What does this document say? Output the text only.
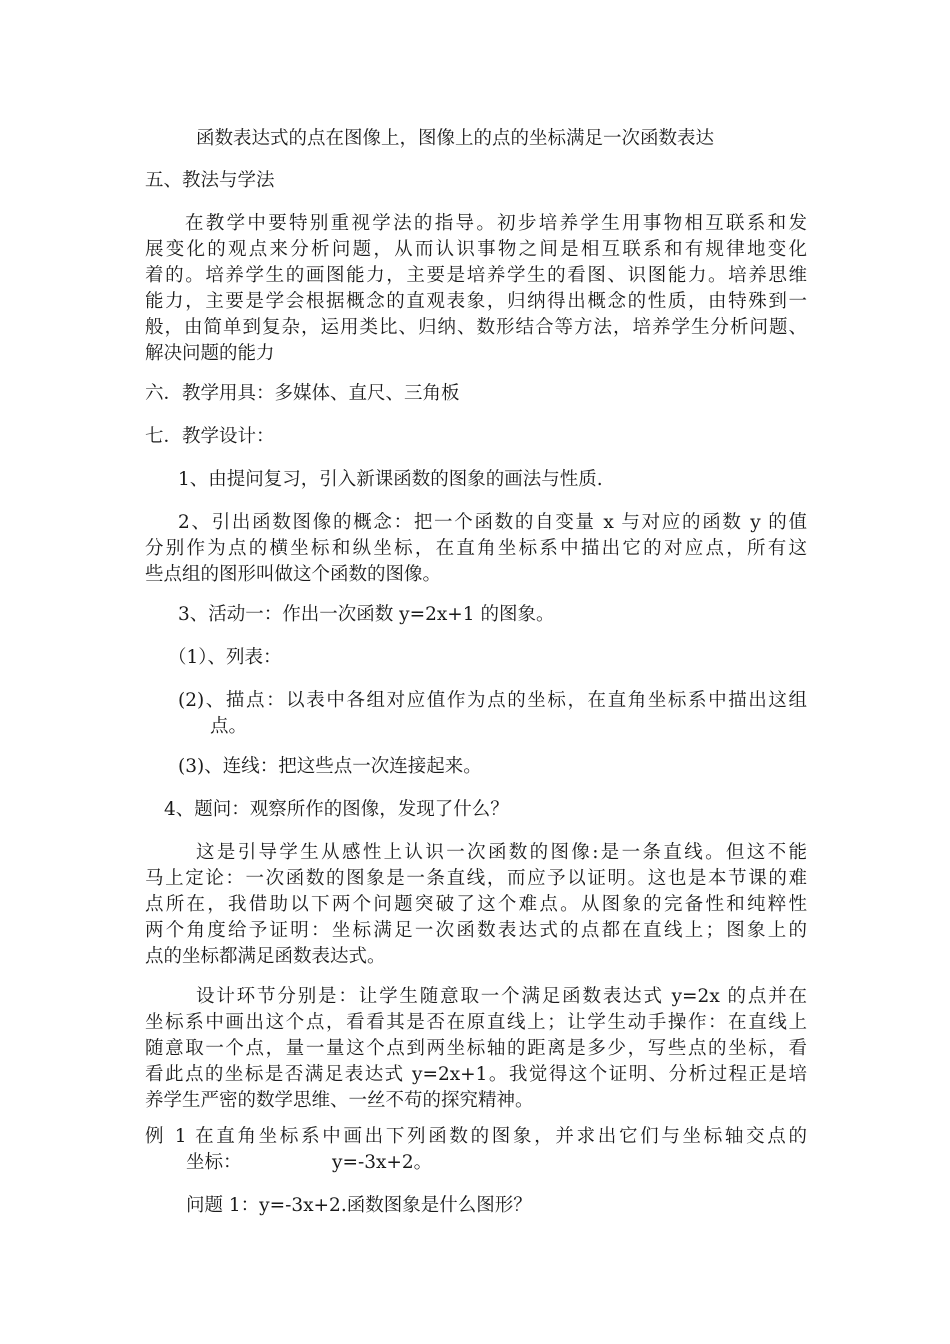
函数表达式的点在图像上，图像上的点的坐标满足一次函数表达
五、教法与学法
在教学中要特别重视学法的指导。初步培养学生用事物相互联系和发
展变化的观点来分析问题，从而认识事物之间是相互联系和有规律地变化
着的。培养学生的画图能力，主要是培养学生的看图、识图能力。培养思维
能力，主要是学会根据概念的直观表象，归纳得出概念的性质，由特殊到一
般，由简单到复杂，运用类比、归纳、数形结合等方法，培养学生分析问题、
解决问题的能力
六．教学用具：多媒体、直尺、三角板
七．教学设计：
1、由提问复习，引入新课函数的图象的画法与性质.
2、引出函数图像的概念：把一个函数的自变量 x 与对应的函数 y 的值
分别作为点的横坐标和纵坐标，在直角坐标系中描出它的对应点，所有这
些点组的图形叫做这个函数的图像。
3、活动一：作出一次函数 y=2x+1 的图象。
（1）、列表：
(2)、描点：以表中各组对应值作为点的坐标，在直角坐标系中描出这组
点。
(3)、连线：把这些点一次连接起来。
4、题问：观察所作的图像，发现了什么？
这是引导学生从感性上认识一次函数的图像:是一条直线。但这不能
马上定论：一次函数的图象是一条直线，而应予以证明。这也是本节课的难
点所在，我借助以下两个问题突破了这个难点。从图象的完备性和纯粹性
两个角度给予证明：坐标满足一次函数表达式的点都在直线上；图象上的
点的坐标都满足函数表达式。
设计环节分别是：让学生随意取一个满足函数表达式 y=2x 的点并在
坐标系中画出这个点，看看其是否在原直线上；让学生动手操作：在直线上
随意取一个点，量一量这个点到两坐标轴的距离是多少，写些点的坐标，看
看此点的坐标是否满足表达式 y=2x+1。我觉得这个证明、分析过程正是培
养学生严密的数学思维、一丝不苟的探究精神。
例 1 在直角坐标系中画出下列函数的图象，并求出它们与坐标轴交点的
坐标：	y=-3x+2。
问题 1：y=-3x+2.函数图象是什么图形？
